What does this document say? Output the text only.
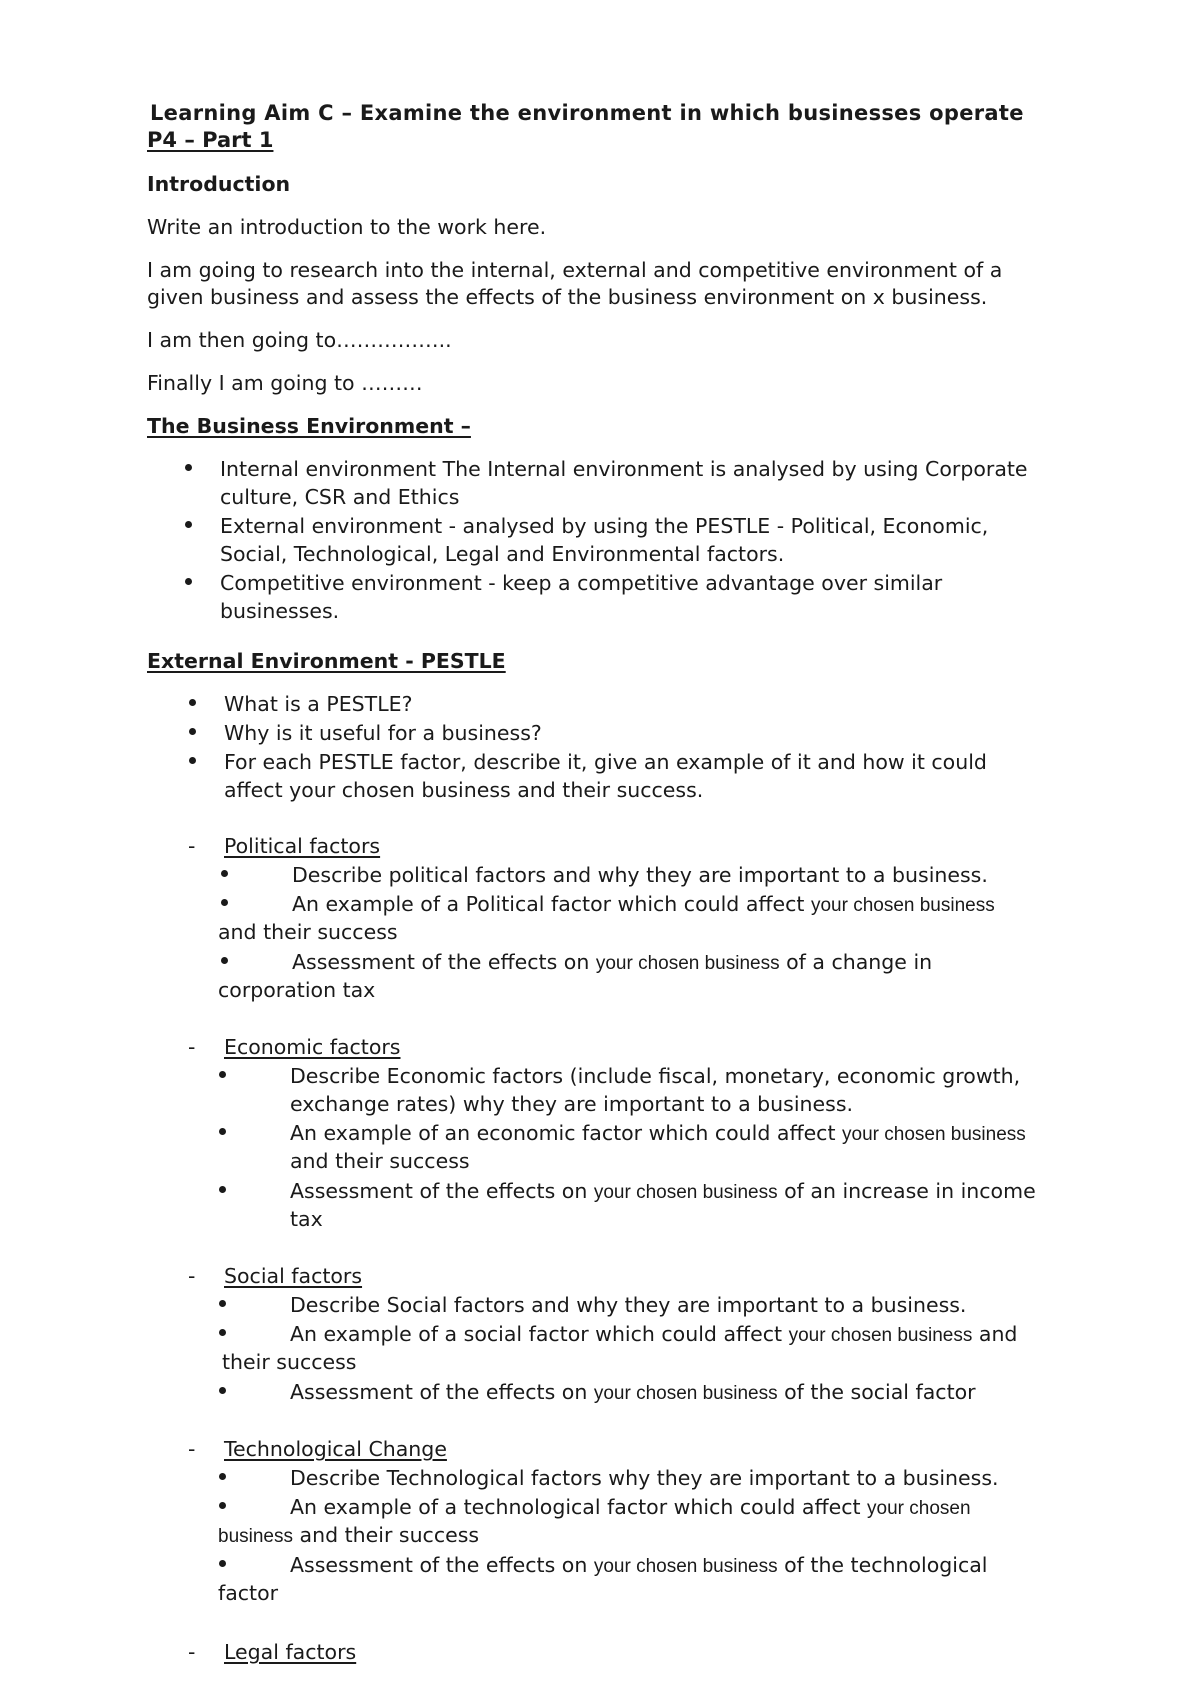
Learning Aim C – Examine the environment in which businesses operate
P4 – Part 1
Introduction
Write an introduction to the work here.
I am going to research into the internal, external and competitive environment of a
given business and assess the effects of the business environment on x business.
I am then going to……………..
Finally I am going to ………
The Business Environment –
Internal environment The Internal environment is analysed by using Corporate
culture, CSR and Ethics
External environment - analysed by using the PESTLE - Political, Economic,
Social, Technological, Legal and Environmental factors.
Competitive environment - keep a competitive advantage over similar
businesses.
External Environment - PESTLE
What is a PESTLE?
Why is it useful for a business?
For each PESTLE factor, describe it, give an example of it and how it could
affect your chosen business and their success.
- Political factors
Describe political factors and why they are important to a business.
An example of a Political factor which could affect your chosen business
and their success
Assessment of the effects on your chosen business of a change in
corporation tax
- Economic factors
Describe Economic factors (include fiscal, monetary, economic growth,
exchange rates) why they are important to a business.
An example of an economic factor which could affect your chosen business
and their success
Assessment of the effects on your chosen business of an increase in income
tax
- Social factors
Describe Social factors and why they are important to a business.
An example of a social factor which could affect your chosen business and
their success
Assessment of the effects on your chosen business of the social factor
- Technological Change
Describe Technological factors why they are important to a business.
An example of a technological factor which could affect your chosen
business and their success
Assessment of the effects on your chosen business of the technological
factor
- Legal factors
